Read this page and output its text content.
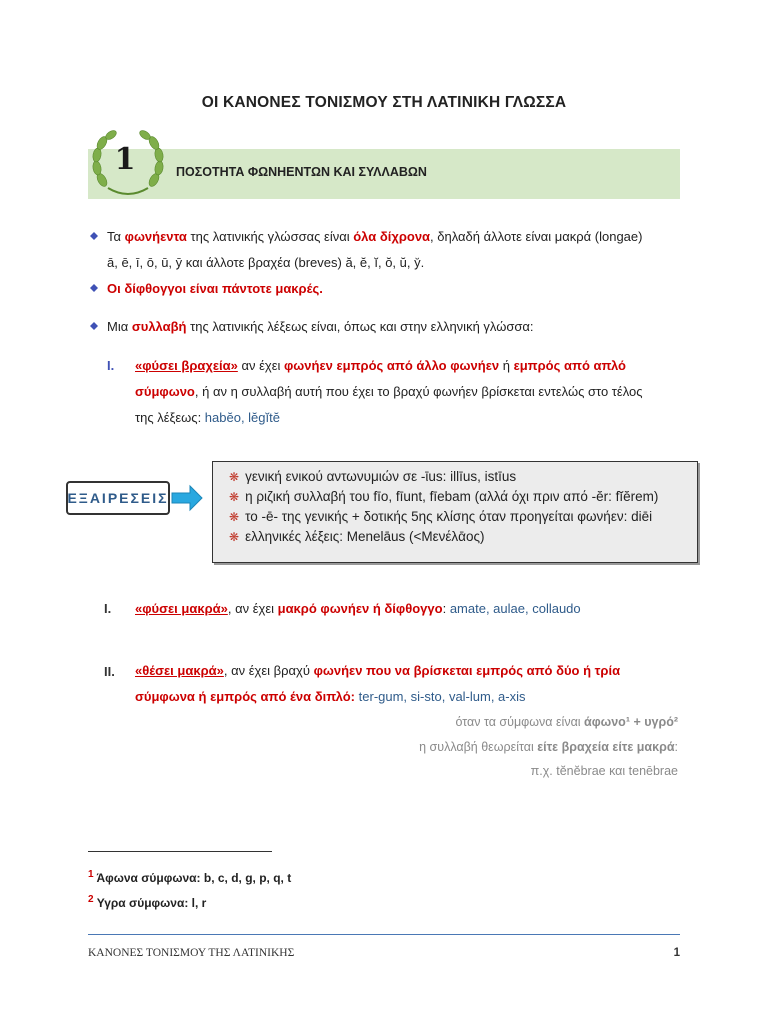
ΟΙ ΚΑΝΟΝΕΣ ΤΟΝΙΣΜΟΥ ΣΤΗ ΛΑΤΙΝΙΚΗ ΓΛΩΣΣΑ
1	ΠΟΣΟΤΗΤΑ ΦΩΝΗΕΝΤΩΝ ΚΑΙ ΣΥΛΛΑΒΩΝ
Τα φωνήεντα της λατινικής γλώσσας είναι όλα δίχρονα, δηλαδή άλλοτε είναι μακρά (longae)
ā, ē, ī, ō, ū, ȳ και άλλοτε βραχέα (breves) ă, ĕ, ĭ, ŏ, ŭ, y̆.
Οι δίφθογγοι είναι πάντοτε μακρές.
Μια συλλαβή της λατινικής λέξεως είναι, όπως και στην ελληνική γλώσσα:
I. «φύσει βραχεία» αν έχει φωνήεν εμπρός από άλλο φωνήεν ή εμπρός από απλό
σύμφωνο, ή αν η συλλαβή αυτή που έχει το βραχύ φωνήεν βρίσκεται εντελώς στο τέλος
της λέξεως: habĕo, lĕgĭtĕ
ΕΞΑΙΡΕΣΕΙΣ
❋ γενική ενικού αντωνυμιών σε -ῑus: illīus, istīus
❋ η ριζική συλλαβή του fīo, fīunt, fīebam (αλλά όχι πριν από -ĕr: fĭĕrem)
❋ το -ē- της γενικής + δοτικής 5ης κλίσης όταν προηγείται φωνήεν: diēi
❋ ελληνικές λέξεις: Menelāus (<Μενέλᾱος)
I. «φύσει μακρά», αν έχει μακρό φωνήεν ή δίφθογγο: amate, aulae, collaudo
II. «θέσει μακρά», αν έχει βραχύ φωνήεν που να βρίσκεται εμπρός από δύο ή τρία
σύμφωνα ή εμπρός από ένα διπλό: ter-gum, si-sto, val-lum, a-xis
όταν τα σύμφωνα είναι άφωνο¹ + υγρό²
η συλλαβή θεωρείται είτε βραχεία είτε μακρά:
π.χ. tĕnĕbrae και tenēbrae
$^1$ Άφωνα σύμφωνα: b, c, d, g, p, q, t
$^2$ Υγρα σύμφωνα: l, r
ΚΑΝΟΝΕΣ ΤΟΝΙΣΜΟΥ ΤΗΣ ΛΑΤΙΝΙΚΗΣ	1
